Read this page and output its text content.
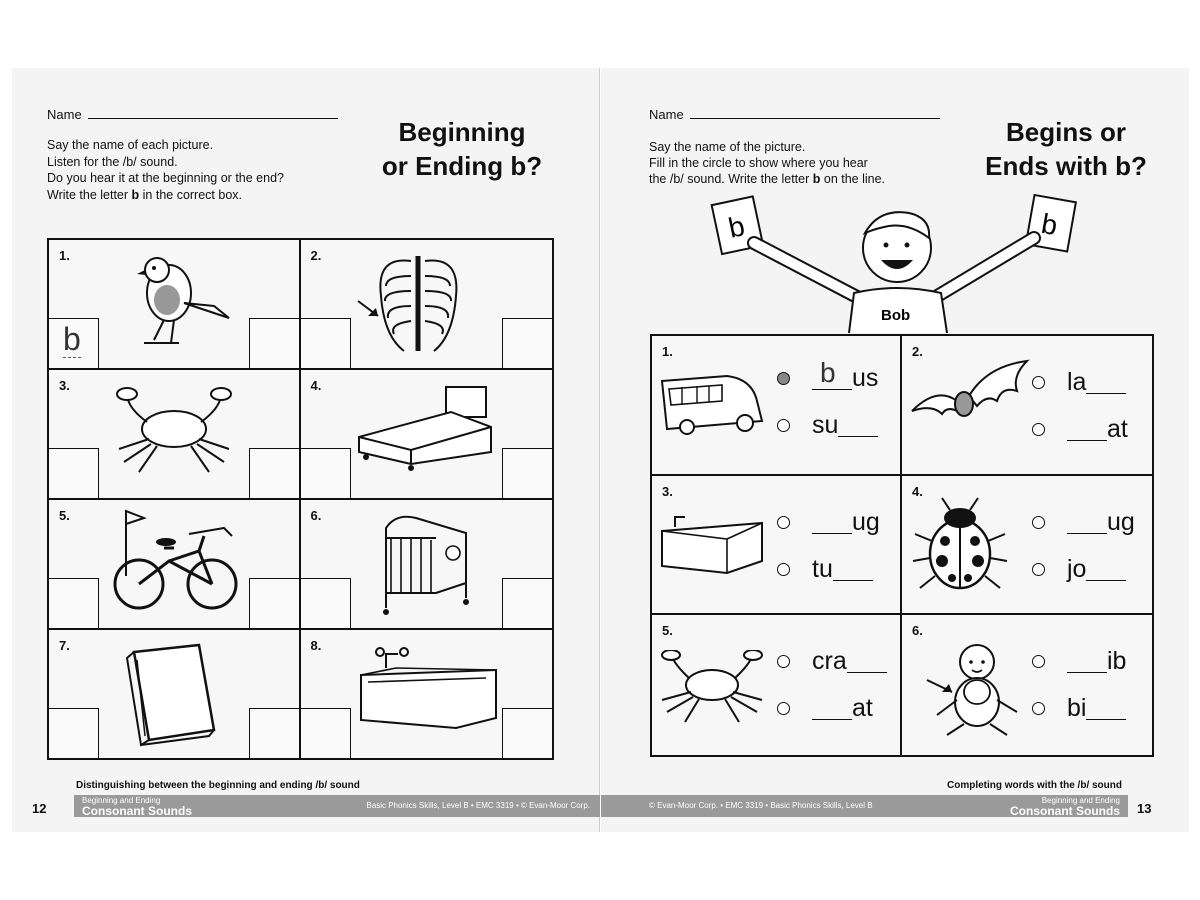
Name
Say the name of each picture.
Listen for the /b/ sound.
Do you hear it at the beginning or the end?
Write the letter b in the correct box.
Beginning
or Ending b?
1.
b
2.
3.	4.
5.	6.
7.	8.
Distinguishing between the beginning and ending /b/ sound
12
Beginning and Ending
Consonant Sounds	Basic Phonics Skills, Level B • EMC 3319 • © Evan-Moor Corp.
Name
Say the name of the picture.
Fill in the circle to show where you hear
the /b/ sound. Write the letter b on the line.
Begins or
Ends with b?
b	b
Bob
1.
b
us
su
2.
la
at
3.
ug
tu
4.
ug
jo
5.
cra
at
6.
ib
bi
Completing words with the /b/ sound
© Evan-Moor Corp. • EMC 3319 • Basic Phonics Skills, Level B
Beginning and Ending
Consonant Sounds 13
